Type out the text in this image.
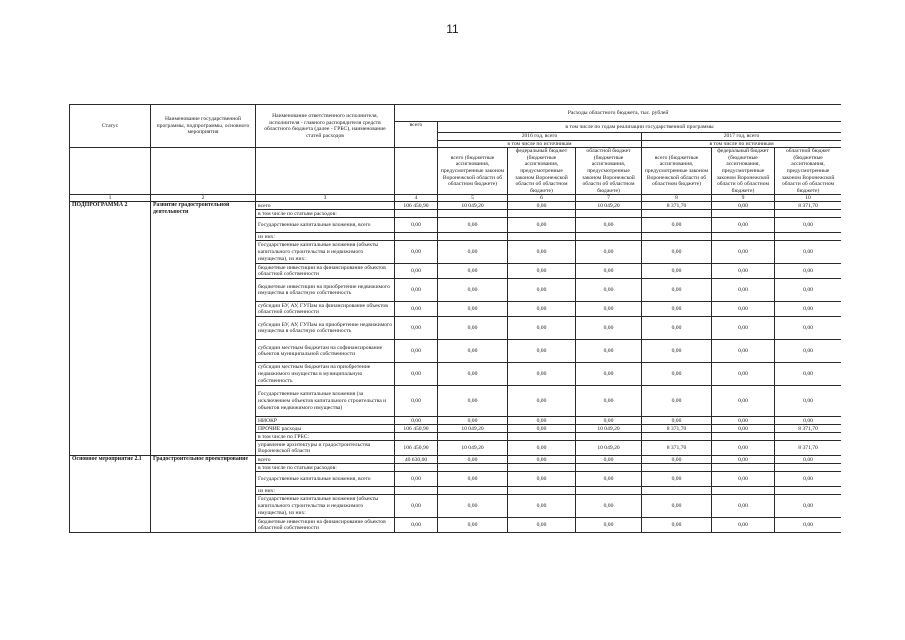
11
Статус	Наименование государственной программы, подпрограммы, основного мероприятия	Наименование ответственного исполнителя, исполнителя - главного распорядителя средств областного бюджета (далее - ГРБС), наименование статей расходов	Расходы областного бюджета, тыс. рублей						
			всего	в том числе по годам реализации государственной программы					
				2016 год, всего			2017 год, всего		
				в том числе по источникам			в том числе по источникам		
				всего (бюджетные ассигнования, предусмотренные законом Воронежской области об областном бюджете)	федеральный бюджет (бюджетные ассигнования, предусмотренные законом Воронежской области об областном бюджете)	областной бюджет (бюджетные ассигнования, предусмотренные законом Воронежской области об областном бюджете)	всего (бюджетные ассигнования, предусмотренные законом Воронежской области об областном бюджете)	федеральный бюджет (бюджетные ассигнования, предусмотренные законом Воронежской области об областном бюджете)	областной бюджет (бюджетные ассигнования, предусмотренные законом Воронежской области об областном бюджете)
1	2	3	4	5	6	7	8	9	10
ПОДПРОГРАММА 2	Развитие градостроительной деятельности	всего	106 450,90	10 049,20	0,00	10 049,20	8 371,70	0,00	8 371,70
		в том числе по статьям расходов:							
		Государственные капитальные вложения, всего	0,00	0,00	0,00	0,00	0,00	0,00	0,00
		из них:							
		Государственные капитальные вложения (объекты капитального строительства и недвижимого имущества), из них:	0,00	0,00	0,00	0,00	0,00	0,00	0,00
		бюджетные инвестиции на финансирование объектов областной собственности	0,00	0,00	0,00	0,00	0,00	0,00	0,00
		бюджетные инвестиции на приобретение недвижимого имущества в областную собственность	0,00	0,00	0,00	0,00	0,00	0,00	0,00
		субсидии БУ, АУ, ГУПам на финансирование объектов областной собственности	0,00	0,00	0,00	0,00	0,00	0,00	0,00
		субсидии БУ, АУ, ГУПам на приобретение недвижимого имущества в областную собственность	0,00	0,00	0,00	0,00	0,00	0,00	0,00
		субсидии местным бюджетам на софинансирование объектов муниципальной собственности	0,00	0,00	0,00	0,00	0,00	0,00	0,00
		субсидии местным бюджетам на приобретение недвижимого имущества в муниципальную собственность	0,00	0,00	0,00	0,00	0,00	0,00	0,00
		Государственные капитальные вложения (за исключением объектов капитального строительства и объектов недвижимого имущества)	0,00	0,00	0,00	0,00	0,00	0,00	0,00
		НИОКР	0,00	0,00	0,00	0,00	0,00	0,00	0,00
		ПРОЧИЕ расходы	106 450,90	10 049,20	0,00	10 049,20	8 371,70	0,00	8 371,70
		в том числе по ГРБС:							
		управление архитектуры и градостроительства Воронежской области	106 450,90	10 049,20	0,00	10 049,20	8 371,70	0,00	8 371,70
Основное мероприятие 2.1	Градостроительное проектирование	всего	40 630,00	0,00	0,00	0,00	0,00	0,00	0,00
		в том числе по статьям расходов:							
		Государственные капитальные вложения, всего	0,00	0,00	0,00	0,00	0,00	0,00	0,00
		из них:							
		Государственные капитальные вложения (объекты капитального строительства и недвижимого имущества), из них:	0,00	0,00	0,00	0,00	0,00	0,00	0,00
		бюджетные инвестиции на финансирование объектов областной собственности	0,00	0,00	0,00	0,00	0,00	0,00	0,00
